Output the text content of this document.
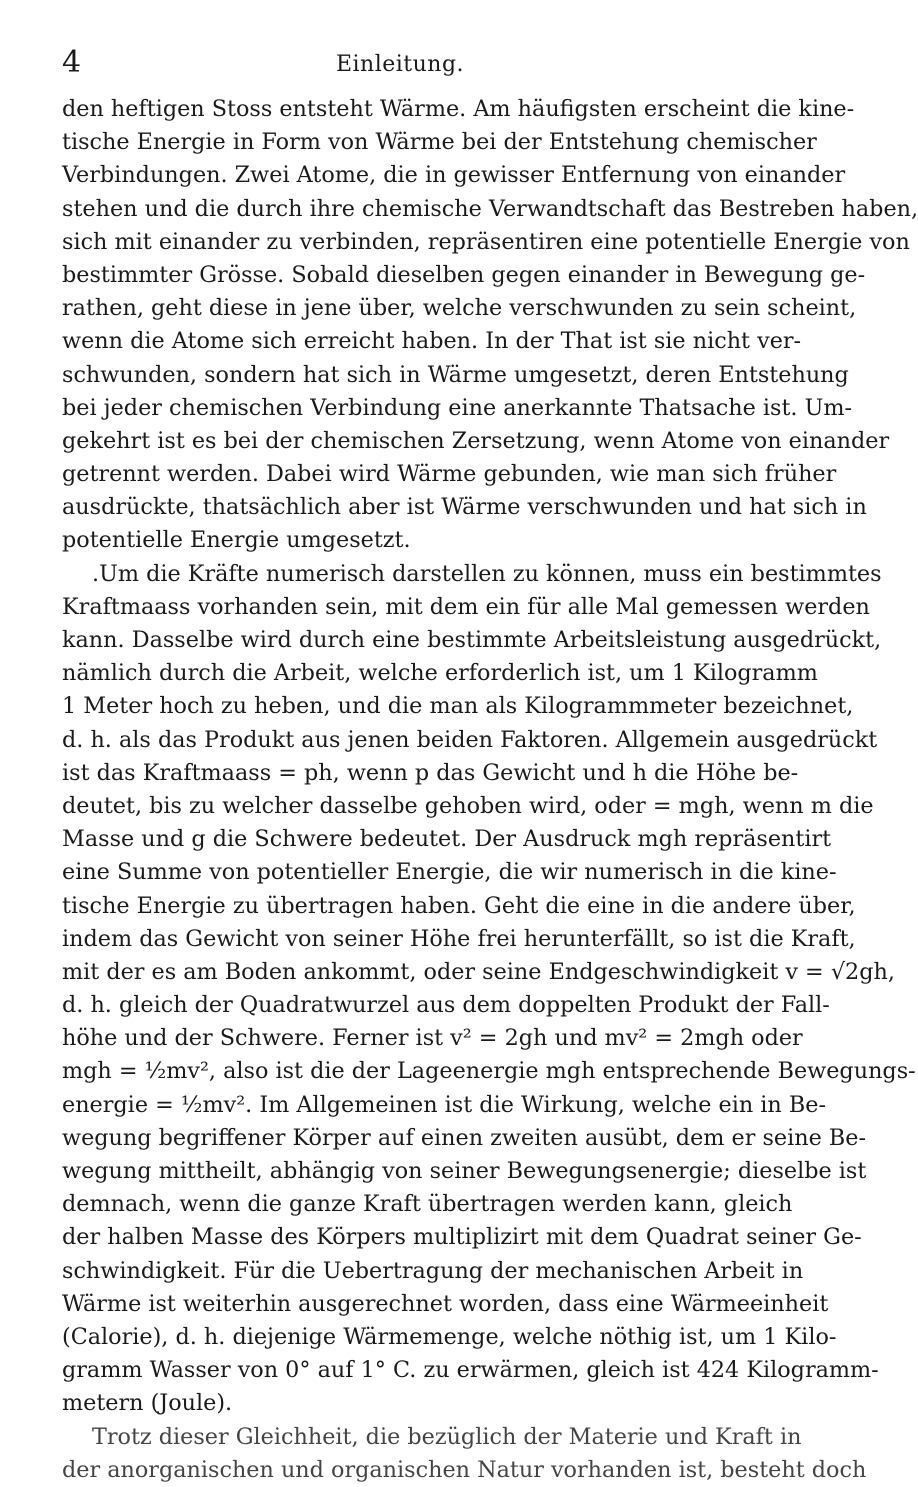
4	Einleitung.
den heftigen Stoss entsteht Wärme. Am häufigsten erscheint die kine-
tische Energie in Form von Wärme bei der Entstehung chemischer
Verbindungen. Zwei Atome, die in gewisser Entfernung von einander
stehen und die durch ihre chemische Verwandtschaft das Bestreben haben,
sich mit einander zu verbinden, repräsentiren eine potentielle Energie von
bestimmter Grösse. Sobald dieselben gegen einander in Bewegung ge-
rathen, geht diese in jene über, welche verschwunden zu sein scheint,
wenn die Atome sich erreicht haben. In der That ist sie nicht ver-
schwunden, sondern hat sich in Wärme umgesetzt, deren Entstehung
bei jeder chemischen Verbindung eine anerkannte Thatsache ist. Um-
gekehrt ist es bei der chemischen Zersetzung, wenn Atome von einander
getrennt werden. Dabei wird Wärme gebunden, wie man sich früher
ausdrückte, thatsächlich aber ist Wärme verschwunden und hat sich in
potentielle Energie umgesetzt.
.Um die Kräfte numerisch darstellen zu können, muss ein bestimmtes
Kraftmaass vorhanden sein, mit dem ein für alle Mal gemessen werden
kann. Dasselbe wird durch eine bestimmte Arbeitsleistung ausgedrückt,
nämlich durch die Arbeit, welche erforderlich ist, um 1 Kilogramm
1 Meter hoch zu heben, und die man als Kilogrammmeter bezeichnet,
d. h. als das Produkt aus jenen beiden Faktoren. Allgemein ausgedrückt
ist das Kraftmaass = ph, wenn p das Gewicht und h die Höhe be-
deutet, bis zu welcher dasselbe gehoben wird, oder = mgh, wenn m die
Masse und g die Schwere bedeutet. Der Ausdruck mgh repräsentirt
eine Summe von potentieller Energie, die wir numerisch in die kine-
tische Energie zu übertragen haben. Geht die eine in die andere über,
indem das Gewicht von seiner Höhe frei herunterfällt, so ist die Kraft,
mit der es am Boden ankommt, oder seine Endgeschwindigkeit v = √2gh,
d. h. gleich der Quadratwurzel aus dem doppelten Produkt der Fall-
höhe und der Schwere. Ferner ist v² = 2gh und mv² = 2mgh oder
mgh = ½mv², also ist die der Lageenergie mgh entsprechende Bewegungs-
energie = ½mv². Im Allgemeinen ist die Wirkung, welche ein in Be-
wegung begriffener Körper auf einen zweiten ausübt, dem er seine Be-
wegung mittheilt, abhängig von seiner Bewegungsenergie; dieselbe ist
demnach, wenn die ganze Kraft übertragen werden kann, gleich
der halben Masse des Körpers multiplizirt mit dem Quadrat seiner Ge-
schwindigkeit. Für die Uebertragung der mechanischen Arbeit in
Wärme ist weiterhin ausgerechnet worden, dass eine Wärmeeinheit
(Calorie), d. h. diejenige Wärmemenge, welche nöthig ist, um 1 Kilo-
gramm Wasser von 0° auf 1° C. zu erwärmen, gleich ist 424 Kilogramm-
metern (Joule).
Trotz dieser Gleichheit, die bezüglich der Materie und Kraft in
der anorganischen und organischen Natur vorhanden ist, besteht doch
